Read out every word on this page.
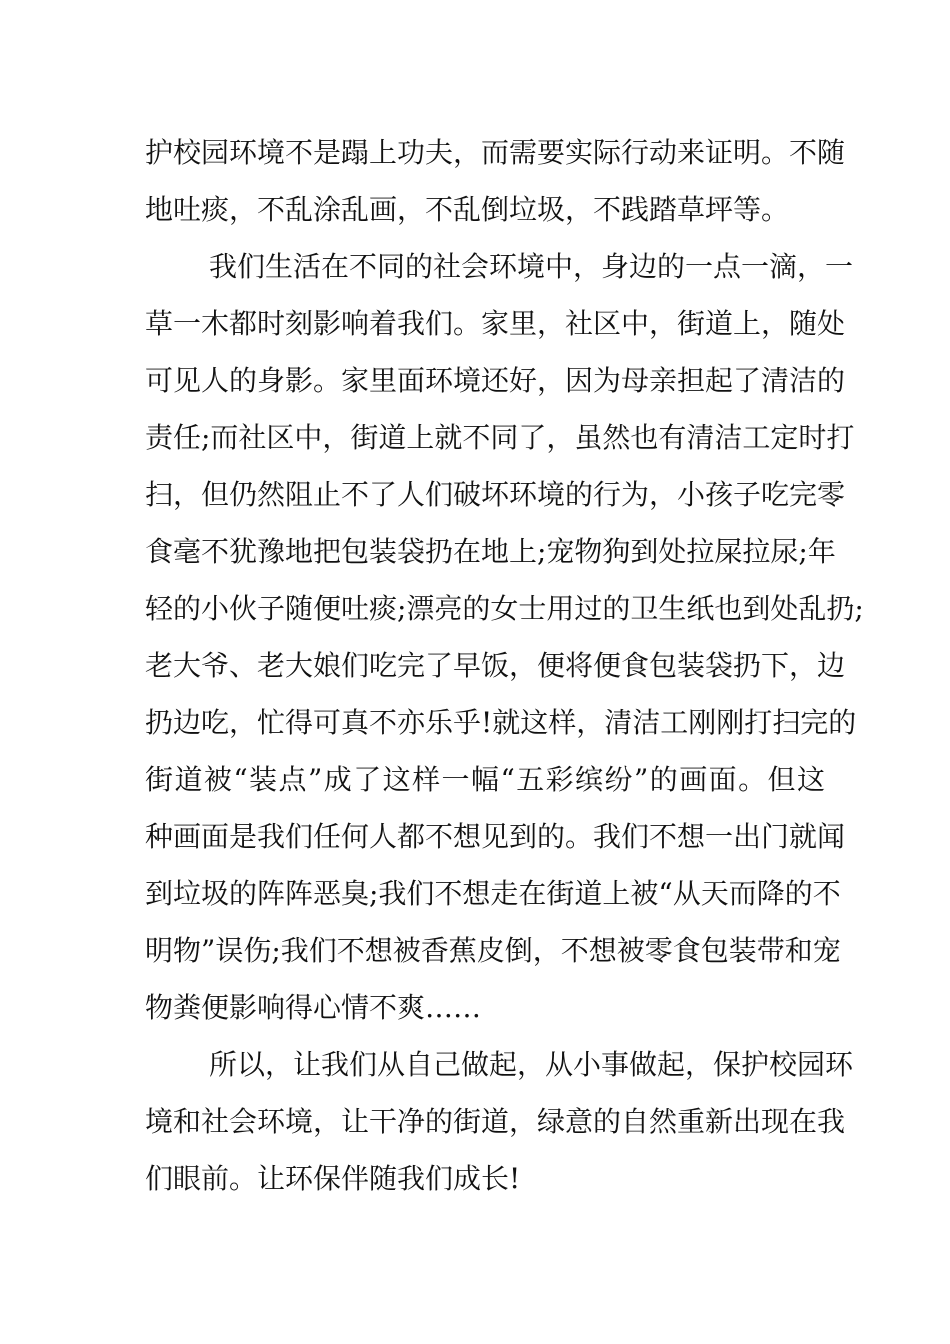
护校园环境不是蹋上功夫，而需要实际行动来证明。不随
地吐痰，不乱涂乱画，不乱倒垃圾，不践踏草坪等。
我们生活在不同的社会环境中，身边的一点一滴，一
草一木都时刻影响着我们。家里，社区中，街道上，随处
可见人的身影。家里面环境还好，因为母亲担起了清洁的
责任;而社区中，街道上就不同了，虽然也有清洁工定时打
扫，但仍然阻止不了人们破坏环境的行为，小孩子吃完零
食毫不犹豫地把包装袋扔在地上;宠物狗到处拉屎拉尿;年
轻的小伙子随便吐痰;漂亮的女士用过的卫生纸也到处乱扔;
老大爷、老大娘们吃完了早饭，便将便食包装袋扔下，边
扔边吃，忙得可真不亦乐乎!就这样，清洁工刚刚打扫完的
街道被“装点”成了这样一幅“五彩缤纷”的画面。但这
种画面是我们任何人都不想见到的。我们不想一出门就闻
到垃圾的阵阵恶臭;我们不想走在街道上被“从天而降的不
明物”误伤;我们不想被香蕉皮倒，不想被零食包装带和宠
物粪便影响得心情不爽……
所以，让我们从自己做起，从小事做起，保护校园环
境和社会环境，让干净的街道，绿意的自然重新出现在我
们眼前。让环保伴随我们成长!
